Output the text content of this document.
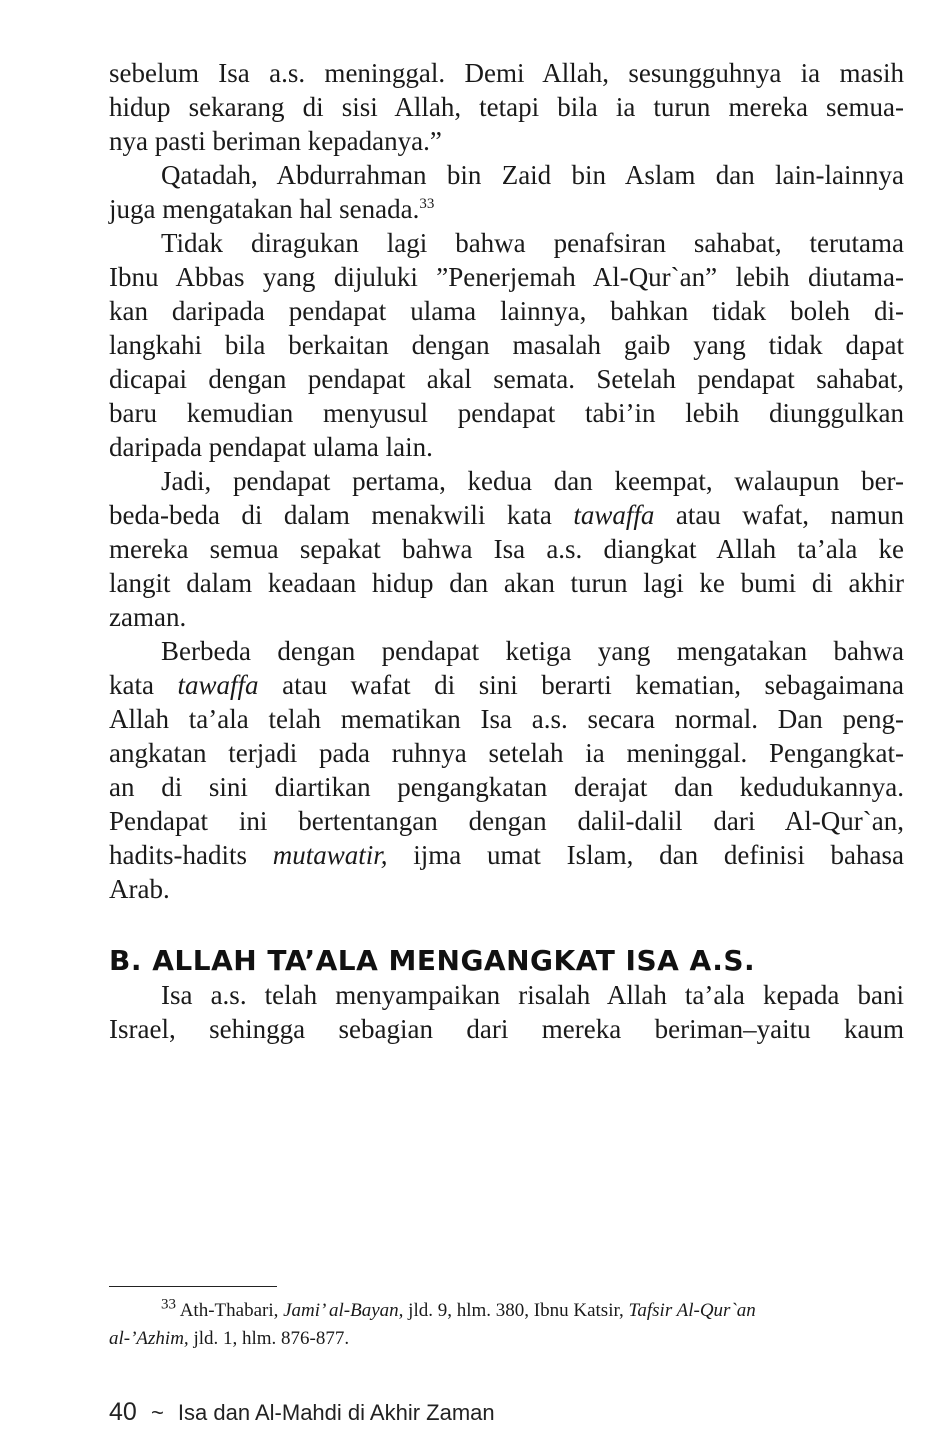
sebelum Isa a.s. meninggal. Demi Allah, sesungguhnya ia masih
hidup sekarang di sisi Allah, tetapi bila ia turun mereka semua-
nya pasti beriman kepadanya.”

Qatadah, Abdurrahman bin Zaid bin Aslam dan lain-lainnya
juga mengatakan hal senada.$^{33}$

Tidak diragukan lagi bahwa penafsiran sahabat, terutama
Ibnu Abbas yang dijuluki ”Penerjemah Al-Qur`an” lebih diutama-
kan daripada pendapat ulama lainnya, bahkan tidak boleh di-
langkahi bila berkaitan dengan masalah gaib yang tidak dapat
dicapai dengan pendapat akal semata. Setelah pendapat sahabat,
baru kemudian menyusul pendapat tabi’in lebih diunggulkan
daripada pendapat ulama lain.

Jadi, pendapat pertama, kedua dan keempat, walaupun ber-
beda-beda di dalam menakwili kata tawaffa atau wafat, namun
mereka semua sepakat bahwa Isa a.s. diangkat Allah ta’ala ke
langit dalam keadaan hidup dan akan turun lagi ke bumi di akhir
zaman.

Berbeda dengan pendapat ketiga yang mengatakan bahwa
kata tawaffa atau wafat di sini berarti kematian, sebagaimana
Allah ta’ala telah mematikan Isa a.s. secara normal. Dan peng-
angkatan terjadi pada ruhnya setelah ia meninggal. Pengangkat-
an di sini diartikan pengangkatan derajat dan kedudukannya.
Pendapat ini bertentangan dengan dalil-dalil dari Al-Qur`an,
hadits-hadits mutawatir, ijma umat Islam, dan definisi bahasa
Arab.

B. ALLAH TA’ALA MENGANGKAT ISA A.S.

Isa a.s. telah menyampaikan risalah Allah ta’ala kepada bani
Israel, sehingga sebagian dari mereka beriman–yaitu kaum

$^{33}$ Ath-Thabari, Jami’ al-Bayan, jld. 9, hlm. 380, Ibnu Katsir, Tafsir Al-Qur`an
al-’Azhim, jld. 1, hlm. 876-877.

40 ~ Isa dan Al-Mahdi di Akhir Zaman
